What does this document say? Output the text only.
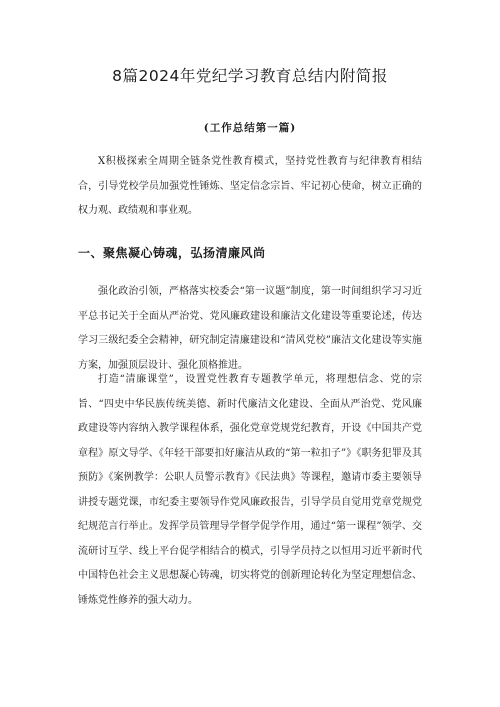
8篇2024年党纪学习教育总结内附简报
(工作总结第一篇)

X积极探索全周期全链条党性教育模式，坚持党性教育与纪律教育相结合，引导党校学员加强党性锤炼、坚定信念宗旨、牢记初心使命，树立正确的权力观、政绩观和事业观。

一、聚焦凝心铸魂，弘扬清廉风尚

强化政治引领，严格落实校委会“第一议题”制度，第一时间组织学习习近平总书记关于全面从严治党、党风廉政建设和廉洁文化建设等重要论述，传达学习三级纪委全会精神，研究制定清廉建设和“清风党校”廉洁文化建设等实施方案，加强顶层设计、强化顶格推进。

打造“清廉课堂”，设置党性教育专题教学单元，将理想信念、党的宗旨、“四史中华民族传统美德、新时代廉洁文化建设、全面从严治党、党风廉政建设等内容纳入教学课程体系，强化党章党规党纪教育，开设《中国共产党章程》原文导学、《年轻干部要扣好廉洁从政的“第一粒扣子”》《职务犯罪及其预防》《案例教学：公职人员警示教育》《民法典》等课程，邀请市委主要领导讲授专题党课，市纪委主要领导作党风廉政报告，引导学员自觉用党章党规党纪规范言行举止。发挥学员管理导学督学促学作用，通过“第一课程”领学、交流研讨互学、线上平台促学相结合的模式，引导学员持之以恒用习近平新时代中国特色社会主义思想凝心铸魂，切实将党的创新理论转化为坚定理想信念、锤炼党性修养的强大动力。
